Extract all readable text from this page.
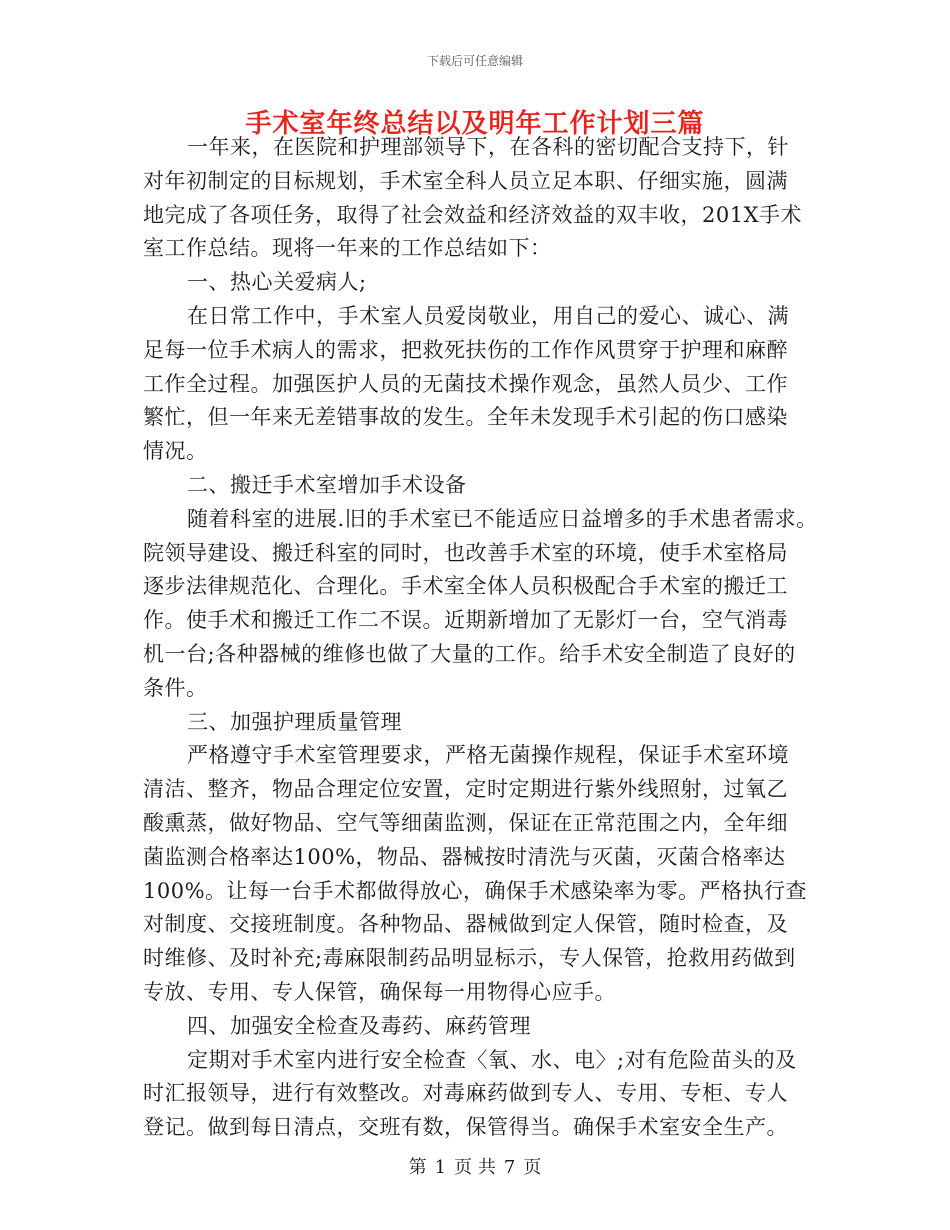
下载后可任意编辑
手术室年终总结以及明年工作计划三篇
一年来，在医院和护理部领导下，在各科的密切配合支持下，针
对年初制定的目标规划，手术室全科人员立足本职、仔细实施，圆满
地完成了各项任务，取得了社会效益和经济效益的双丰收，201X手术
室工作总结。现将一年来的工作总结如下：
一、热心关爱病人;
在日常工作中，手术室人员爱岗敬业，用自己的爱心、诚心、满
足每一位手术病人的需求，把救死扶伤的工作作风贯穿于护理和麻醉
工作全过程。加强医护人员的无菌技术操作观念，虽然人员少、工作
繁忙，但一年来无差错事故的发生。全年未发现手术引起的伤口感染
情况。
二、搬迁手术室增加手术设备
随着科室的进展.旧的手术室已不能适应日益增多的手术患者需求。
院领导建设、搬迁科室的同时，也改善手术室的环境，使手术室格局
逐步法律规范化、合理化。手术室全体人员积极配合手术室的搬迁工
作。使手术和搬迁工作二不误。近期新增加了无影灯一台，空气消毒
机一台;各种器械的维修也做了大量的工作。给手术安全制造了良好的
条件。
三、加强护理质量管理
严格遵守手术室管理要求，严格无菌操作规程，保证手术室环境
清洁、整齐，物品合理定位安置，定时定期进行紫外线照射，过氧乙
酸熏蒸，做好物品、空气等细菌监测，保证在正常范围之内，全年细
菌监测合格率达100%，物品、器械按时清洗与灭菌，灭菌合格率达
100%。让每一台手术都做得放心，确保手术感染率为零。严格执行查
对制度、交接班制度。各种物品、器械做到定人保管，随时检查，及
时维修、及时补充;毒麻限制药品明显标示，专人保管，抢救用药做到
专放、专用、专人保管，确保每一用物得心应手。
四、加强安全检查及毒药、麻药管理
定期对手术室内进行安全检查〈氧、水、电〉;对有危险苗头的及
时汇报领导，进行有效整改。对毒麻药做到专人、专用、专柜、专人
登记。做到每日清点，交班有数，保管得当。确保手术室安全生产。
第 1 页 共 7 页
